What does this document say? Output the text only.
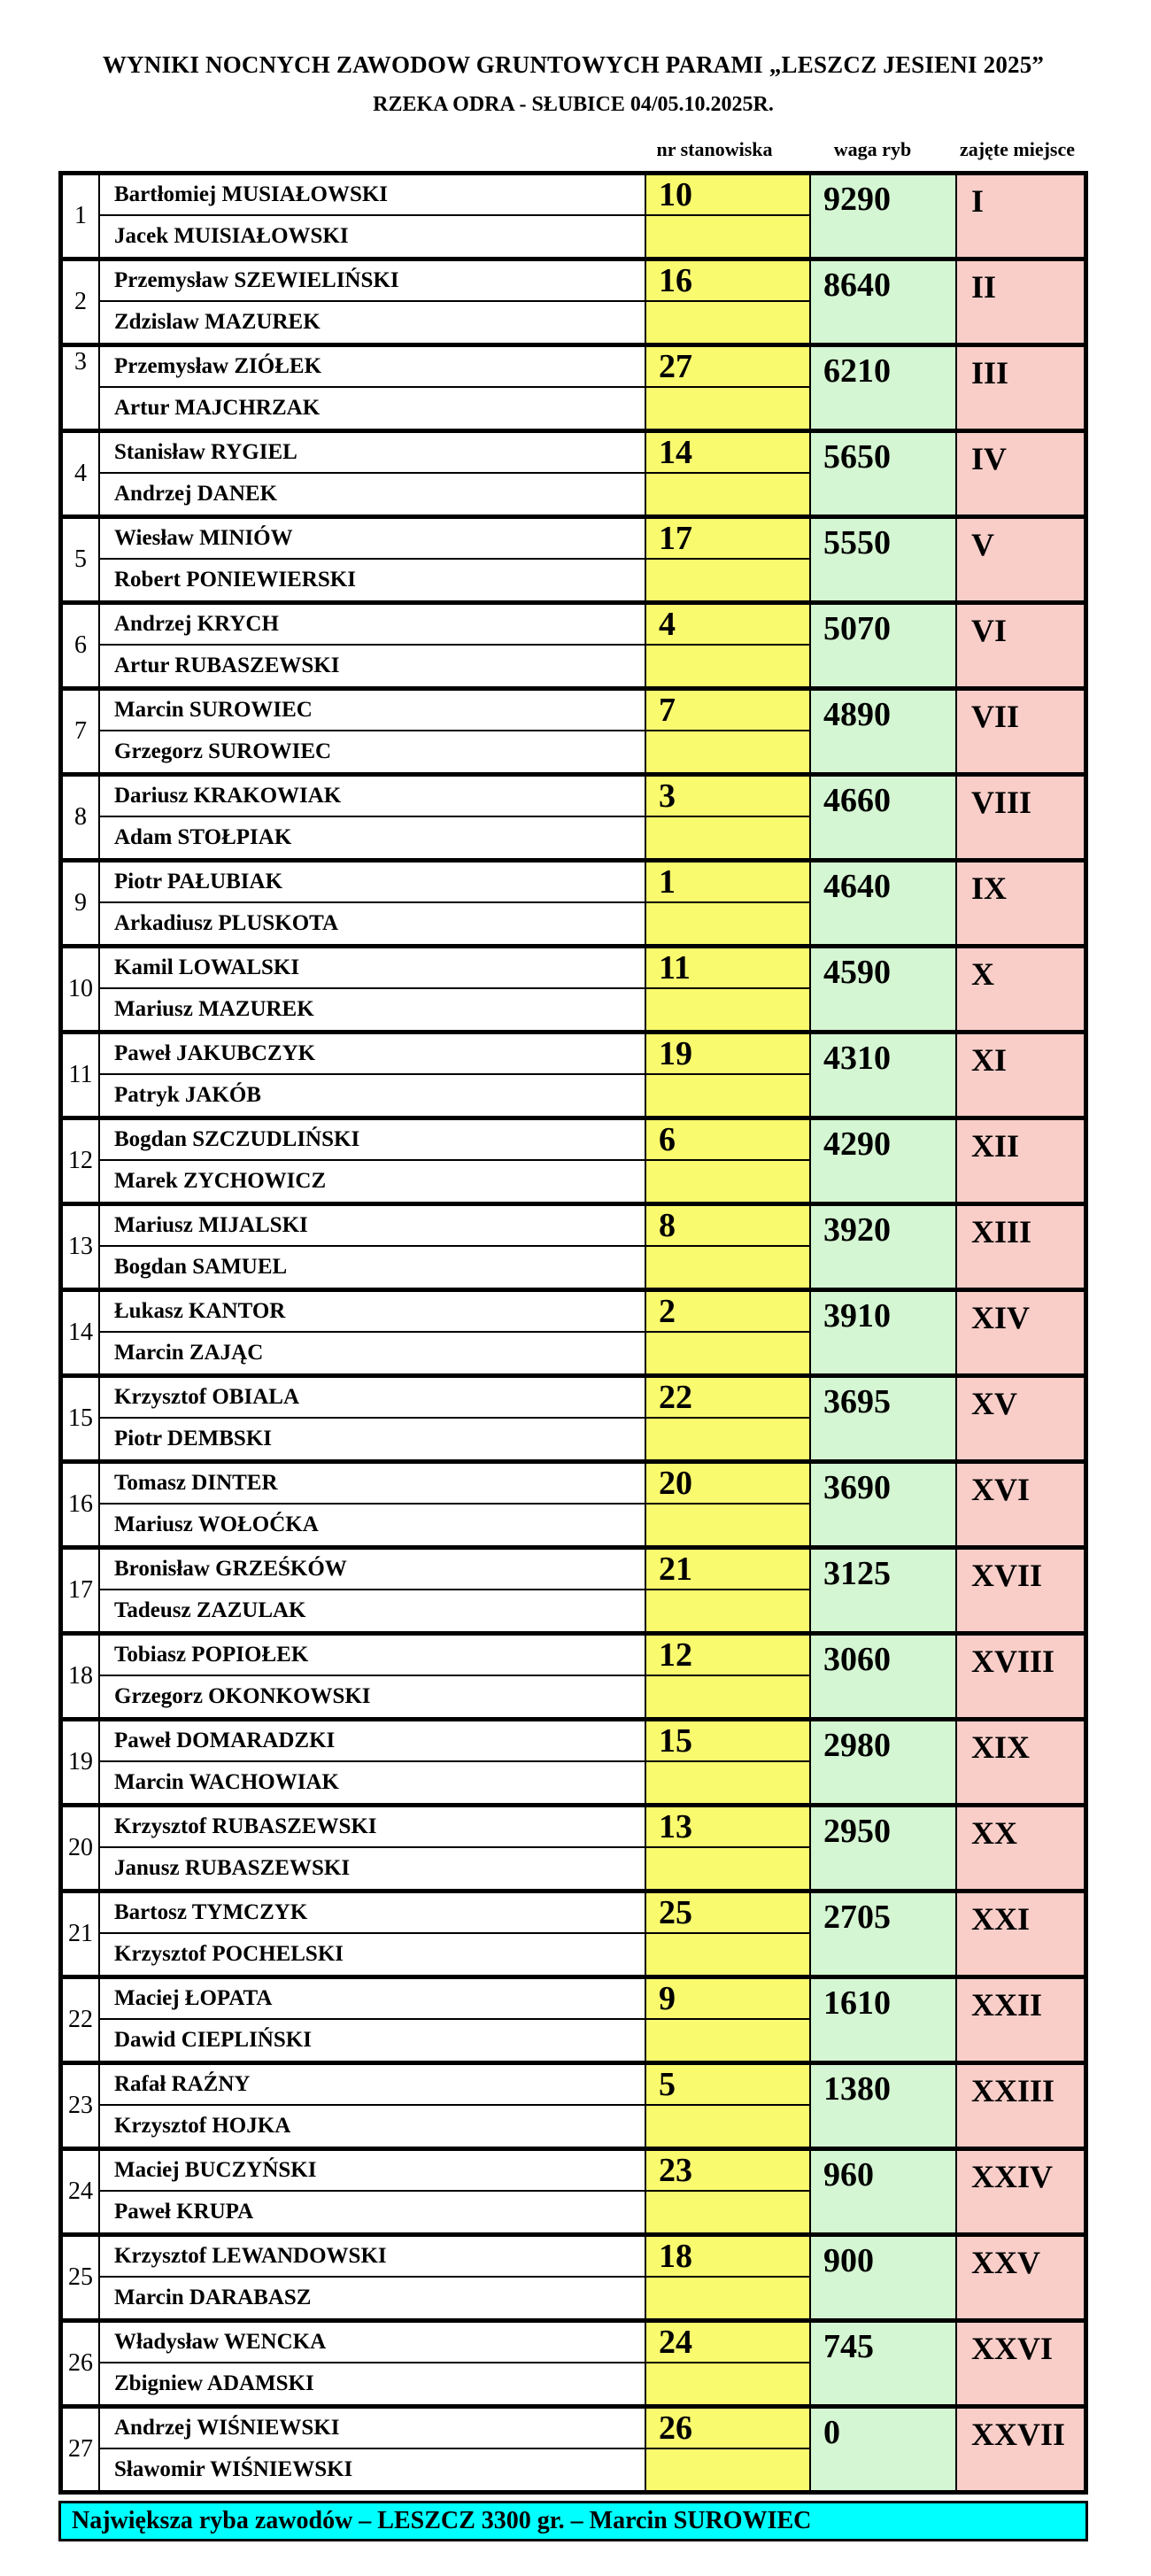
WYNIKI NOCNYCH ZAWODOW GRUNTOWYCH PARAMI „LESZCZ JESIENI 2025”
RZEKA ODRA - SŁUBICE 04/05.10.2025R.
nr stanowiska	waga ryb	zajęte miejsce
1
Bartłomiej MUSIAŁOWSKI
Jacek MUISIAŁOWSKI
10	9290	I
2
Przemysław SZEWIELIŃSKI
Zdzislaw MAZUREK
16	8640	II
3	Przemysław ZIÓŁEK
Artur MAJCHRZAK
27	6210	III
4
Stanisław RYGIEL
Andrzej DANEK
14	5650	IV
5
Wiesław MINIÓW
Robert PONIEWIERSKI
17	5550	V
6
Andrzej KRYCH
Artur RUBASZEWSKI
4	5070	VI
7
Marcin SUROWIEC
Grzegorz SUROWIEC
7	4890	VII
8
Dariusz KRAKOWIAK
Adam STOŁPIAK
3	4660	VIII
9
Piotr PAŁUBIAK
Arkadiusz PLUSKOTA
1	4640	IX
10
Kamil LOWALSKI
Mariusz MAZUREK
11	4590	X
11
Paweł JAKUBCZYK
Patryk JAKÓB
19	4310	XI
12
Bogdan SZCZUDLIŃSKI
Marek ZYCHOWICZ
6	4290	XII
13
Mariusz MIJALSKI
Bogdan SAMUEL
8	3920	XIII
14
Łukasz KANTOR
Marcin ZAJĄC
2	3910	XIV
15
Krzysztof OBIALA
Piotr DEMBSKI
22	3695	XV
16
Tomasz DINTER
Mariusz WOŁOĆKA
20	3690	XVI
17
Bronisław GRZEŚKÓW
Tadeusz ZAZULAK
21	3125	XVII
18
Tobiasz POPIOŁEK
Grzegorz OKONKOWSKI
12	3060	XVIII
19
Paweł DOMARADZKI
Marcin WACHOWIAK
15	2980	XIX
20
Krzysztof RUBASZEWSKI
Janusz RUBASZEWSKI
13	2950	XX
21
Bartosz TYMCZYK
Krzysztof POCHELSKI
25	2705	XXI
22
Maciej ŁOPATA
Dawid CIEPLIŃSKI
9	1610	XXII
23
Rafał RAŹNY
Krzysztof HOJKA
5	1380	XXIII
24
Maciej BUCZYŃSKI
Paweł KRUPA
23	960	XXIV
25
Krzysztof LEWANDOWSKI
Marcin DARABASZ
18	900	XXV
26
Władysław WENCKA
Zbigniew ADAMSKI
24	745	XXVI
27
Andrzej WIŚNIEWSKI
Sławomir WIŚNIEWSKI
26	0	XXVII
Największa ryba zawodów – LESZCZ 3300 gr. – Marcin SUROWIEC
